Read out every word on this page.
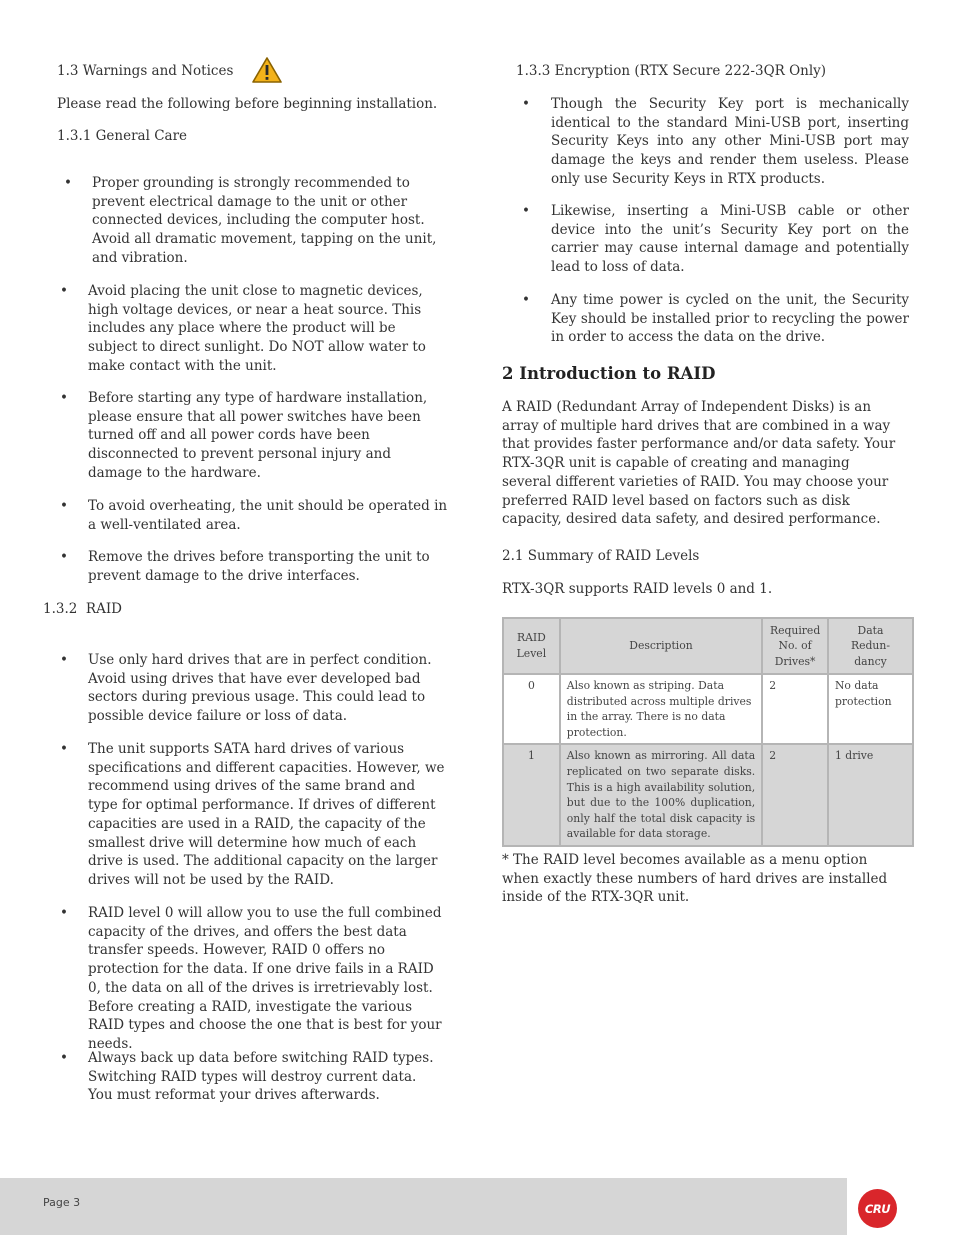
1.3 Warnings and Notices
Please read the following before beginning installation.
1.3.1 General Care
• Proper grounding is strongly recommended to prevent electrical damage to the unit or other connected devices, including the computer host. Avoid all dramatic movement, tapping on the unit, and vibration.
• Avoid placing the unit close to magnetic devices, high voltage devices, or near a heat source. This includes any place where the product will be subject to direct sunlight. Do NOT allow water to make contact with the unit.
• Before starting any type of hardware installation, please ensure that all power switches have been turned off and all power cords have been disconnected to prevent personal injury and damage to the hardware.
• To avoid overheating, the unit should be operated in a well-ventilated area.
• Remove the drives before transporting the unit to prevent damage to the drive interfaces.
1.3.2  RAID
• Use only hard drives that are in perfect condition. Avoid using drives that have ever developed bad sectors during previous usage. This could lead to possible device failure or loss of data.
• The unit supports SATA hard drives of various specifications and different capacities. However, we recommend using drives of the same brand and type for optimal performance. If drives of different capacities are used in a RAID, the capacity of the smallest drive will determine how much of each drive is used. The additional capacity on the larger drives will not be used by the RAID.
• RAID level 0 will allow you to use the full combined capacity of the drives, and offers the best data transfer speeds. However, RAID 0 offers no protection for the data. If one drive fails in a RAID 0, the data on all of the drives is irretrievably lost. Before creating a RAID, investigate the various RAID types and choose the one that is best for your needs.
• Always back up data before switching RAID types. Switching RAID types will destroy current data. You must reformat your drives afterwards.
1.3.3 Encryption (RTX Secure 222-3QR Only)
• Though the Security Key port is mechanically identical to the standard Mini-USB port, inserting Security Keys into any other Mini-USB port may damage the keys and render them useless. Please only use Security Keys in RTX products.
• Likewise, inserting a Mini-USB cable or other device into the unit’s Security Key port on the carrier may cause internal damage and potentially lead to loss of data.
• Any time power is cycled on the unit, the Security Key should be installed prior to recycling the power in order to access the data on the drive.
2 Introduction to RAID
A RAID (Redundant Array of Independent Disks) is an array of multiple hard drives that are combined in a way that provides faster performance and/or data safety. Your RTX-3QR unit is capable of creating and managing several different varieties of RAID. You may choose your preferred RAID level based on factors such as disk capacity, desired data safety, and desired performance.
2.1 Summary of RAID Levels
RTX-3QR supports RAID levels 0 and 1.
RAID Level	Description	Required No. of Drives*	Data Redun-dancy
0	Also known as striping. Data distributed across multiple drives in the array. There is no data protection.	2	No data protection
1	Also known as mirroring. All data replicated on two separate disks. This is a high availability solution, but due to the 100% duplication, only half the total disk capacity is available for data storage.	2	1 drive
* The RAID level becomes available as a menu option when exactly these numbers of hard drives are installed inside of the RTX-3QR unit.
Page 3	CRU
